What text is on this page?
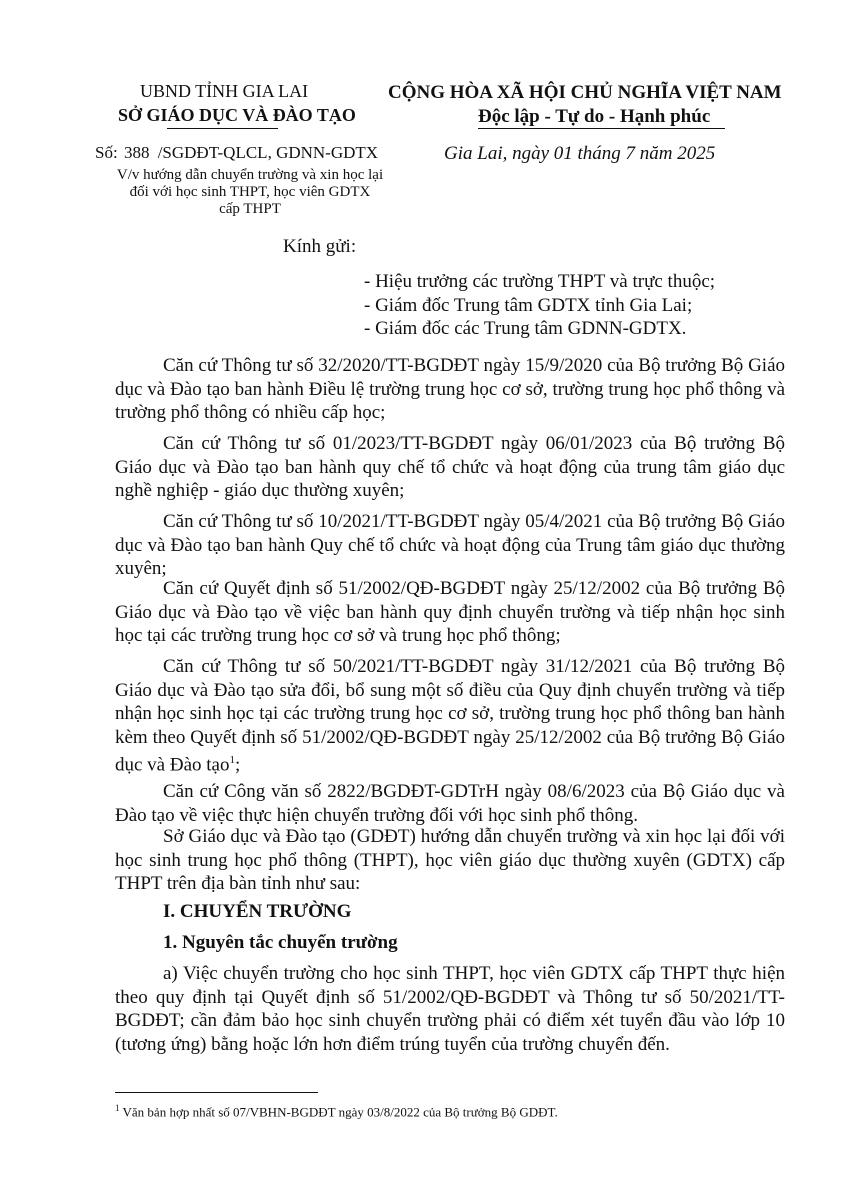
UBND TỈNH GIA LAI
SỞ GIÁO DỤC VÀ ĐÀO TẠO
Số: 388 /SGDĐT-QLCL, GDNN-GDTX
V/v hướng dẫn chuyển trường và xin học lại
đối với học sinh THPT, học viên GDTX
cấp THPT
CỘNG HÒA XÃ HỘI CHỦ NGHĨA VIỆT NAM
Độc lập - Tự do - Hạnh phúc
Gia Lai, ngày 01 tháng 7 năm 2025
Kính gửi:
- Hiệu trưởng các trường THPT và trực thuộc;
- Giám đốc Trung tâm GDTX tỉnh Gia Lai;
- Giám đốc các Trung tâm GDNN-GDTX.
Căn cứ Thông tư số 32/2020/TT-BGDĐT ngày 15/9/2020 của Bộ trưởng Bộ Giáo dục và Đào tạo ban hành Điều lệ trường trung học cơ sở, trường trung học phổ thông và trường phổ thông có nhiều cấp học;
Căn cứ Thông tư số 01/2023/TT-BGDĐT ngày 06/01/2023 của Bộ trưởng Bộ Giáo dục và Đào tạo ban hành quy chế tổ chức và hoạt động của trung tâm giáo dục nghề nghiệp - giáo dục thường xuyên;
Căn cứ Thông tư số 10/2021/TT-BGDĐT ngày 05/4/2021 của Bộ trưởng Bộ Giáo dục và Đào tạo ban hành Quy chế tổ chức và hoạt động của Trung tâm giáo dục thường xuyên;
Căn cứ Quyết định số 51/2002/QĐ-BGDĐT ngày 25/12/2002 của Bộ trưởng Bộ Giáo dục và Đào tạo về việc ban hành quy định chuyển trường và tiếp nhận học sinh học tại các trường trung học cơ sở và trung học phổ thông;
Căn cứ Thông tư số 50/2021/TT-BGDĐT ngày 31/12/2021 của Bộ trưởng Bộ Giáo dục và Đào tạo sửa đổi, bổ sung một số điều của Quy định chuyển trường và tiếp nhận học sinh học tại các trường trung học cơ sở, trường trung học phổ thông ban hành kèm theo Quyết định số 51/2002/QĐ-BGDĐT ngày 25/12/2002 của Bộ trưởng Bộ Giáo dục và Đào tạo$^1$;
Căn cứ Công văn số 2822/BGDĐT-GDTrH ngày 08/6/2023 của Bộ Giáo dục và Đào tạo về việc thực hiện chuyển trường đối với học sinh phổ thông.
Sở Giáo dục và Đào tạo (GDĐT) hướng dẫn chuyển trường và xin học lại đối với học sinh trung học phổ thông (THPT), học viên giáo dục thường xuyên (GDTX) cấp THPT trên địa bàn tỉnh như sau:
I. CHUYỂN TRƯỜNG
1. Nguyên tắc chuyển trường
a) Việc chuyển trường cho học sinh THPT, học viên GDTX cấp THPT thực hiện theo quy định tại Quyết định số 51/2002/QĐ-BGDĐT và Thông tư số 50/2021/TT-BGDĐT; cần đảm bảo học sinh chuyển trường phải có điểm xét tuyển đầu vào lớp 10 (tương ứng) bằng hoặc lớn hơn điểm trúng tuyển của trường chuyển đến.
$^1$ Văn bản hợp nhất số 07/VBHN-BGDĐT ngày 03/8/2022 của Bộ trưởng Bộ GDĐT.
